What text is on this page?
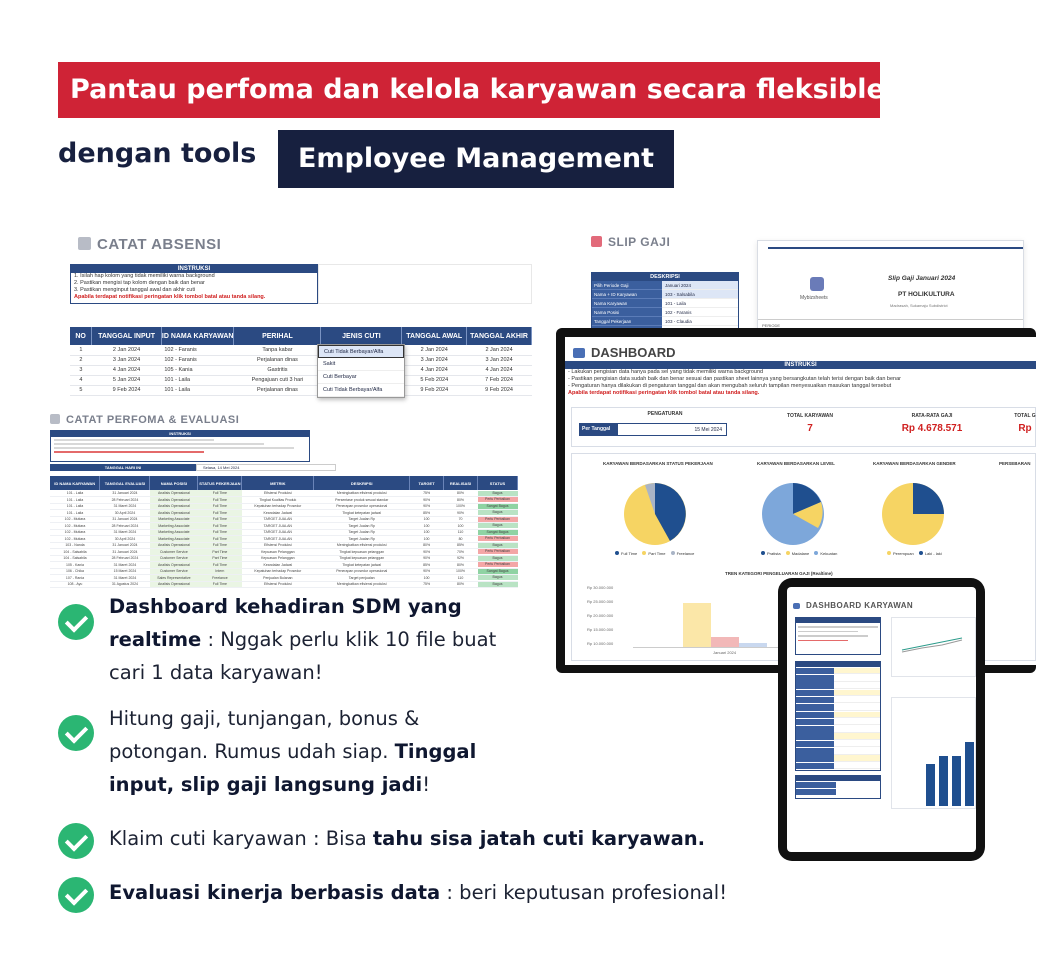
Pantau perfoma dan kelola karyawan secara fleksible
dengan tools	Employee Management
CATAT ABSENSI
INSTRUKSI
1. Isilah hap kolom yang tidak memiliki warna background
2. Pastikan mengisi tap kolom dengan baik dan benar
3. Pastikan menginput tanggal awal dan akhir cuti
Apabila terdapat notifikasi peringatan klik tombol batal atau tanda silang.
NO	TANGGAL INPUT	ID NAMA KARYAWAN	PERIHAL	JENIS CUTI	TANGGAL AWAL	TANGGAL AKHIR
1	2 Jan 2024	102 - Faranis	Tanpa kabar		2 Jan 2024	2 Jan 2024
2	3 Jan 2024	102 - Faranis	Perjalanan dinas		3 Jan 2024	3 Jan 2024
3	4 Jan 2024	105 - Kania	Gastritis		4 Jan 2024	4 Jan 2024
4	5 Jan 2024	101 - Laila	Pengajuan cuti 3 hari		5 Feb 2024	7 Feb 2024
5	9 Feb 2024	101 - Laila	Perjalanan dinas		9 Feb 2024	9 Feb 2024
Cuti Tidak Berbayar/Alfa
Sakit
Cuti Berbayar
Cuti Tidak Berbayar/Alfa
CATAT PERFOMA & EVALUASI
INSTRUKSI
TANGGAL HARI INI	Selasa, 14 Mei 2024
ID NAMA KARYAWAN	TANGGAL EVALUASI	NAMA POSISI	STATUS PEKERJAAN	METRIK	DESKRIPSI	TARGET	REALISASI	STATUS
101 - Laila	31 Januari 2024	Analisis Operasional	Full Time	Efisiensi Produksi	Meningkatkan efisiensi produksi	75%	80%	Bagus

101 - Laila	28 Februari 2024	Analisis Operasional	Full Time	Tingkat Kualitas Produk	Persentase produk sesuai standar	90%	80%	Perlu Perbaikan

101 - Laila	31 Maret 2024	Analisis Operasional	Full Time	Kepatuhan terhadap Prosedur	Penerapan prosedur operasional	90%	100%	Sangat Bagus

101 - Laila	30 April 2024	Analisis Operasional	Full Time	Keandalan Jadwal	Tingkat ketepatan jadwal	85%	90%	Bagus

102 - Mutiara	31 Januari 2024	Marketing Associate	Full Time	TARGET JUALAN	Target Jualan Rp	100	70	Perlu Perbaikan

102 - Mutiara	28 Februari 2024	Marketing Associate	Full Time	TARGET JUALAN	Target Jualan Rp	100	100	Bagus

102 - Mutiara	31 Maret 2024	Marketing Associate	Full Time	TARGET JUALAN	Target Jualan Rp	100	110	Sangat Bagus

102 - Mutiara	30 April 2024	Marketing Associate	Full Time	TARGET JUALAN	Target Jualan Rp	100	80	Perlu Perbaikan

103 - Nanda	31 Januari 2024	Analisis Operasional	Full Time	Efisiensi Produksi	Meningkatkan efisiensi produksi	80%	85%	Bagus

104 - Salsabila	31 Januari 2024	Customer Service	Part Time	Kepuasan Pelanggan	Tingkat kepuasan pelanggan	90%	70%	Perlu Perbaikan

104 - Salsabila	28 Februari 2024	Customer Service	Part Time	Kepuasan Pelanggan	Tingkat kepuasan pelanggan	90%	92%	Bagus

105 - Kania	31 Maret 2024	Analisis Operasional	Full Time	Keandalan Jadwal	Tingkat ketepatan jadwal	85%	80%	Perlu Perbaikan

106 - Chika	15 Maret 2024	Customer Service	Intern	Kepatuhan terhadap Prosedur	Penerapan prosedur operasional	90%	100%	Sangat Bagus

107 - Rania	31 Maret 2024	Sales Representative	Freelance	Penjualan Bulanan	Target penjualan	100	110	Bagus

108 - Ayu	31 Agustus 2024	Analisis Operasional	Full Time	Efisiensi Produksi	Meningkatkan efisiensi produksi	75%	80%	Bagus
SLIP GAJI
DESKRIPSI
Pilih Periode Gaji	Januari 2024
Nama + ID Karyawan	103 - Salsabila
Nama Karyawan	101 - Laila
Nama Posisi	102 - Faranis
Tanggal Pekerjaan	103 - Claudia
Mybizsheets
Slip Gaji Januari 2024
PT HOLIKULTURA
Madrasah, Sukamaju Subdistrict
PERIODE
DASHBOARD
INSTRUKSI
- Lakukan pengisian data hanya pada sel yang tidak memiliki warna background
- Pastikan pengisian data sudah baik dan benar sesuai dan pastikan sheet lainnya yang bersangkutan telah terisi dengan baik dan benar
- Pengaturan hanya dilakukan di pengaturan tanggal dan akan mengubah seluruh tampilan menyesuaikan masukan tanggal tersebut
Apabila terdapat notifikasi peringatan klik tombol batal atau tanda silang.
PENGATURAN
Per Tanggal	15 Mei 2024
TOTAL KARYAWAN
7
RATA-RATA GAJI
Rp 4.678.571
TOTAL G
Rp
KARYAWAN BERDASARKAN STATUS PEKERJAAN	KARYAWAN BERDASARKAN LEVEL	KARYAWAN BERDASARKAN GENDER	PERSEBARAN
Full Time	Part Time	Freelance	Pratista	Madalane	Kekuatan	Perempuan	Laki - laki
TREN KATEGORI PENGELUARAN GAJI (Realtime)
Rp 30.000.000
Rp 25.000.000
Rp 20.000.000
Rp 15.000.000
Rp 10.000.000
Januari 2024
DASHBOARD KARYAWAN
Dashboard kehadiran SDM yang
realtime : Nggak perlu klik 10 file buat
cari 1 data karyawan!
Hitung gaji, tunjangan, bonus &
potongan. Rumus udah siap. Tinggal
input, slip gaji langsung jadi!
Klaim cuti karyawan : Bisa tahu sisa jatah cuti karyawan.
Evaluasi kinerja berbasis data : beri keputusan profesional!
